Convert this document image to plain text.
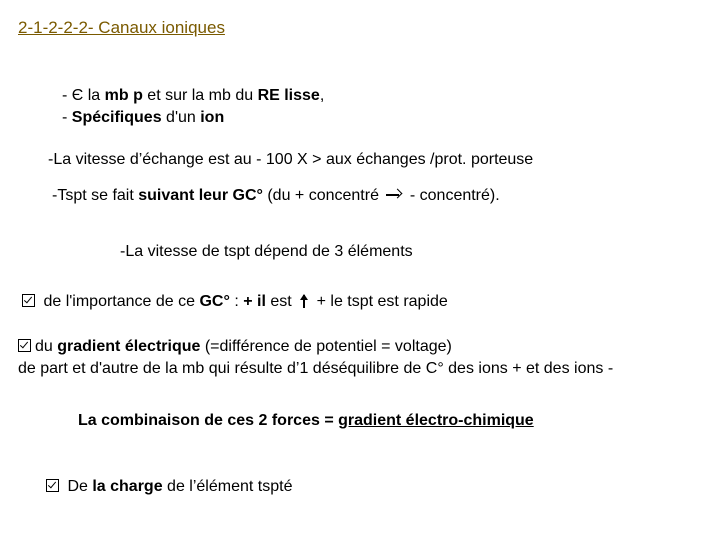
2-1-2-2-2- Canaux ioniques
- Є la mb p et sur la mb du RE lisse,
- Spécifiques d'un ion
-La vitesse d’échange est au - 100 X > aux échanges /prot. porteuse
-Tspt se fait suivant leur GC° (du + concentré  - concentré).
-La vitesse de tspt dépend de 3 éléments
de l'importance de ce GC° : + il est  + le tspt est rapide
du gradient électrique (=différence de potentiel = voltage)
de part et d'autre de la mb qui résulte d’1 déséquilibre de C° des ions + et des ions -
La combinaison de ces 2 forces = gradient électro-chimique
De la charge de l’élément tspté
